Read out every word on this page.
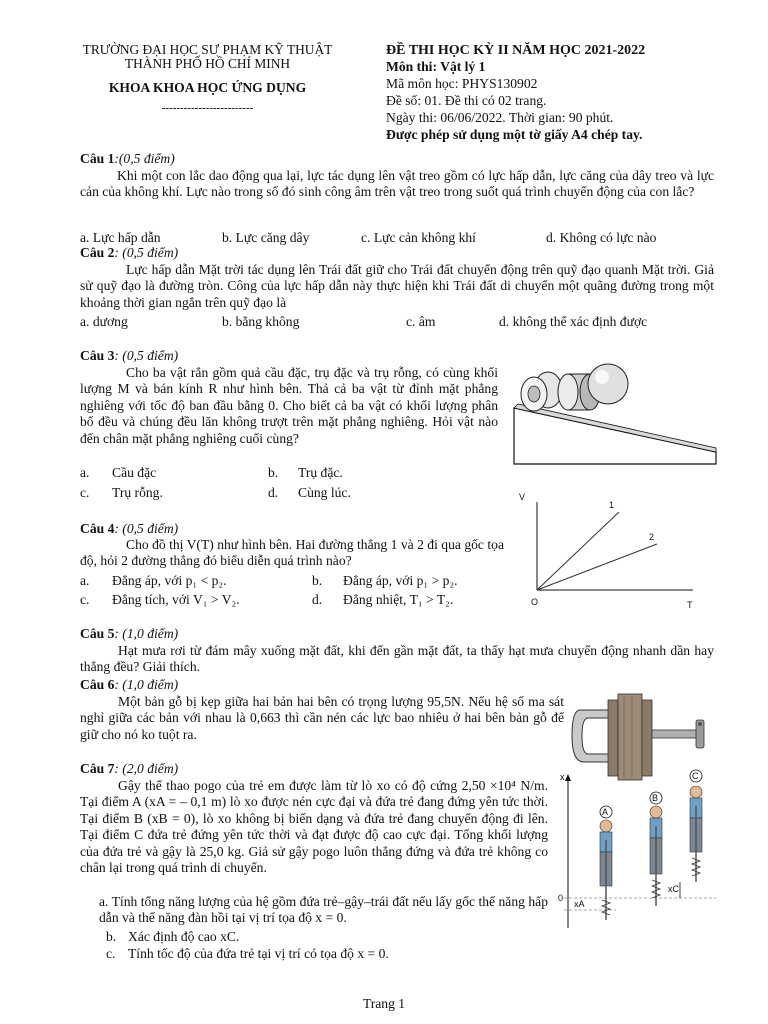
TRƯỜNG ĐẠI HỌC SƯ PHẠM KỸ THUẬT
THÀNH PHỐ HỒ CHÍ MINH
KHOA KHOA HỌC ỨNG DỤNG
-------------------------
ĐỀ THI HỌC KỲ II NĂM HỌC 2021-2022
Môn thi: Vật lý 1
Mã môn học: PHYS130902
Đề số: 01. Đề thi có 02 trang.
Ngày thi: 06/06/2022. Thời gian: 90 phút.
Được phép sử dụng một tờ giấy A4 chép tay.
Câu 1:(0,5 điểm)
Khi một con lắc dao động qua lại, lực tác dụng lên vật treo gồm có lực hấp dẫn, lực căng của dây treo và lực cản của không khí. Lực nào trong số đó sinh công âm trên vật treo trong suốt quá trình chuyển động của con lắc?
a. Lực hấp dẫn	b. Lực căng dây	c. Lực cản không khí	d. Không có lực nào
Câu 2: (0,5 điểm)
Lực hấp dẫn Mặt trời tác dụng lên Trái đất giữ cho Trái đất chuyển động trên quỹ đạo quanh Mặt trời. Giả sử quỹ đạo là đường tròn. Công của lực hấp dẫn này thực hiện khi Trái đất di chuyển một quãng đường trong một khoảng thời gian ngắn trên quỹ đạo là
a. dương	b. bằng không	c. âm	d. không thể xác định được
Câu 3: (0,5 điểm)
Cho ba vật rắn gồm quả cầu đặc, trụ đặc và trụ rỗng, có cùng khối lượng M và bán kính R như hình bên. Thả cả ba vật từ đỉnh mặt phẳng nghiêng với tốc độ ban đầu bằng 0. Cho biết cả ba vật có khối lượng phân bố đều và chúng đều lăn không trượt trên mặt phẳng nghiêng. Hỏi vật nào đến chân mặt phẳng nghiêng cuối cùng?
a. Cầu đặc	b. Trụ đặc.
c. Trụ rỗng.	d. Cùng lúc.
Câu 4: (0,5 điểm)
Cho đồ thị V(T) như hình bên. Hai đường thẳng 1 và 2 đi qua gốc tọa độ, hỏi 2 đường thẳng đó biểu diễn quá trình nào?
a. Đẳng áp, với p₁ < p₂.	b. Đẳng áp, với p₁ > p₂.
c. Đẳng tích, với V₁ > V₂.	d. Đẳng nhiệt, T₁ > T₂.
V
T
O
1
2
Câu 5: (1,0 điểm)
Hạt mưa rơi từ đám mây xuống mặt đất, khi đến gần mặt đất, ta thấy hạt mưa chuyển động nhanh dần hay thẳng đều? Giải thích.
Câu 6: (1,0 điểm)
Một bản gỗ bị kẹp giữa hai bản hai bên có trọng lượng 95,5N. Nếu hệ số ma sát nghỉ giữa các bản với nhau là 0,663 thì cần nén các lực bao nhiêu ở hai bên bản gỗ để giữ cho nó ko tuột ra.
Câu 7: (2,0 điểm)
Gậy thể thao pogo của trẻ em được làm từ lò xo có độ cứng 2,50 ×10⁴ N/m. Tại điểm A (xA = – 0,1 m) lò xo được nén cực đại và đứa trẻ đang đứng yên tức thời. Tại điểm B (xB = 0), lò xo không bị biến dạng và đứa trẻ đang chuyển động đi lên. Tại điểm C đứa trẻ đứng yên tức thời và đạt được độ cao cực đại. Tổng khối lượng của đứa trẻ và gậy là 25,0 kg. Giả sử gậy pogo luôn thẳng đứng và đứa trẻ không co chân lại trong quá trình di chuyển.
a. Tính tổng năng lượng của hệ gồm đứa trẻ–gậy–trái đất nếu lấy gốc thế năng hấp dẫn và thế năng đàn hồi tại vị trí tọa độ x = 0.
b. Xác định độ cao xC.
c. Tính tốc độ của đứa trẻ tại vị trí có tọa độ x = 0.
x
0
xA
A
B
C
xC
Trang 1
